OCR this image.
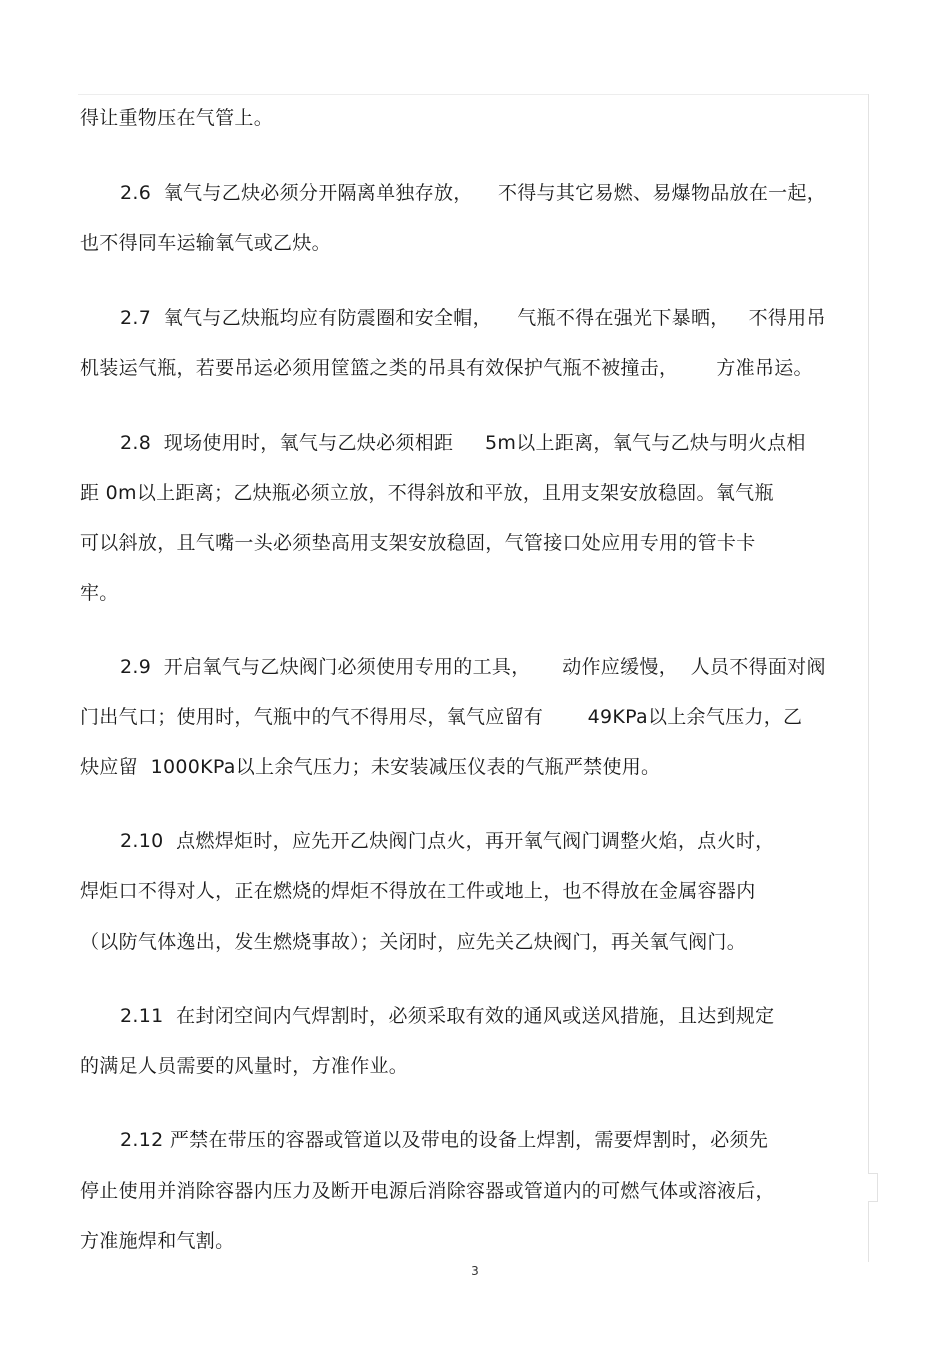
得让重物压在气管上。
2.6  氧气与乙炔必须分开隔离单独存放，    不得与其它易燃、易爆物品放在一起，
也不得同车运输氧气或乙炔。
2.7  氧气与乙炔瓶均应有防震圈和安全帽，    气瓶不得在强光下暴晒，   不得用吊
机装运气瓶，若要吊运必须用筐篮之类的吊具有效保护气瓶不被撞击，      方准吊运。
2.8  现场使用时，氧气与乙炔必须相距     5m以上距离，氧气与乙炔与明火点相
距 0m以上距离；乙炔瓶必须立放，不得斜放和平放，且用支架安放稳固。氧气瓶
可以斜放，且气嘴一头必须垫高用支架安放稳固，气管接口处应用专用的管卡卡
牢。
2.9  开启氧气与乙炔阀门必须使用专用的工具，     动作应缓慢，  人员不得面对阀
门出气口；使用时，气瓶中的气不得用尽，氧气应留有       49KPa以上余气压力，乙
炔应留  1000KPa以上余气压力；未安装减压仪表的气瓶严禁使用。
2.10  点燃焊炬时，应先开乙炔阀门点火，再开氧气阀门调整火焰，点火时，
焊炬口不得对人，正在燃烧的焊炬不得放在工件或地上，也不得放在金属容器内
（以防气体逸出，发生燃烧事故）；关闭时，应先关乙炔阀门，再关氧气阀门。
2.11  在封闭空间内气焊割时，必须采取有效的通风或送风措施，且达到规定
的满足人员需要的风量时，方准作业。
2.12 严禁在带压的容器或管道以及带电的设备上焊割，需要焊割时，必须先
停止使用并消除容器内压力及断开电源后消除容器或管道内的可燃气体或溶液后，
方准施焊和气割。
3
